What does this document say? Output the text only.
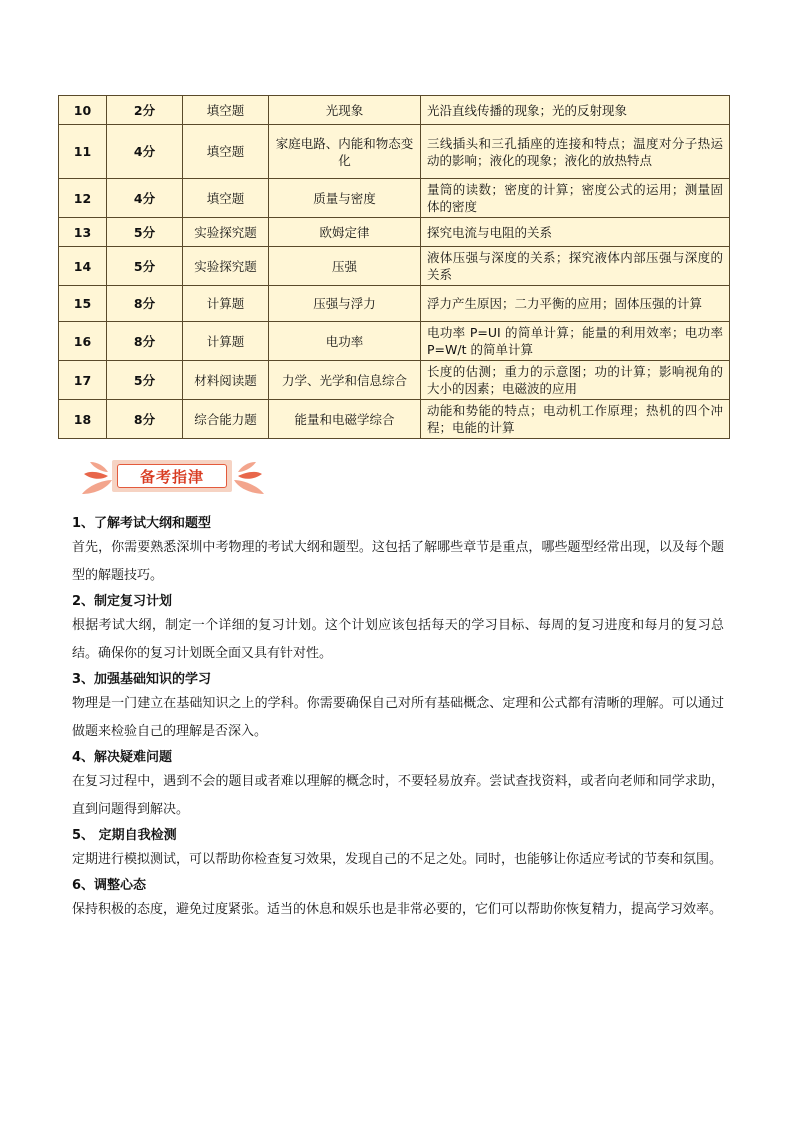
10	2分	填空题	光现象	光沿直线传播的现象；光的反射现象
11	4分	填空题	家庭电路、内能和物态变化	三线插头和三孔插座的连接和特点；温度对分子热运动的影响；液化的现象；液化的放热特点
12	4分	填空题	质量与密度	量筒的读数；密度的计算；密度公式的运用；测量固体的密度
13	5分	实验探究题	欧姆定律	探究电流与电阻的关系
14	5分	实验探究题	压强	液体压强与深度的关系；探究液体内部压强与深度的关系
15	8分	计算题	压强与浮力	浮力产生原因；二力平衡的应用；固体压强的计算
16	8分	计算题	电功率	电功率 P=UI 的简单计算；能量的利用效率；电功率 P=W/t 的简单计算
17	5分	材料阅读题	力学、光学和信息综合	长度的估测；重力的示意图；功的计算；影响视角的大小的因素；电磁波的应用
18	8分	综合能力题	能量和电磁学综合	动能和势能的特点；电动机工作原理；热机的四个冲程；电能的计算
备考指津
1、了解考试大纲和题型
首先，你需要熟悉深圳中考物理的考试大纲和题型。这包括了解哪些章节是重点，哪些题型经常出现，以及每个题型的解题技巧。
2、制定复习计划
根据考试大纲，制定一个详细的复习计划。这个计划应该包括每天的学习目标、每周的复习进度和每月的复习总结。确保你的复习计划既全面又具有针对性。
3、加强基础知识的学习
物理是一门建立在基础知识之上的学科。你需要确保自己对所有基础概念、定理和公式都有清晰的理解。可以通过做题来检验自己的理解是否深入。
4、解决疑难问题
在复习过程中，遇到不会的题目或者难以理解的概念时，不要轻易放弃。尝试查找资料，或者向老师和同学求助，直到问题得到解决。
5、 定期自我检测
定期进行模拟测试，可以帮助你检查复习效果，发现自己的不足之处。同时，也能够让你适应考试的节奏和氛围。
6、调整心态
保持积极的态度，避免过度紧张。适当的休息和娱乐也是非常必要的，它们可以帮助你恢复精力，提高学习效率。
